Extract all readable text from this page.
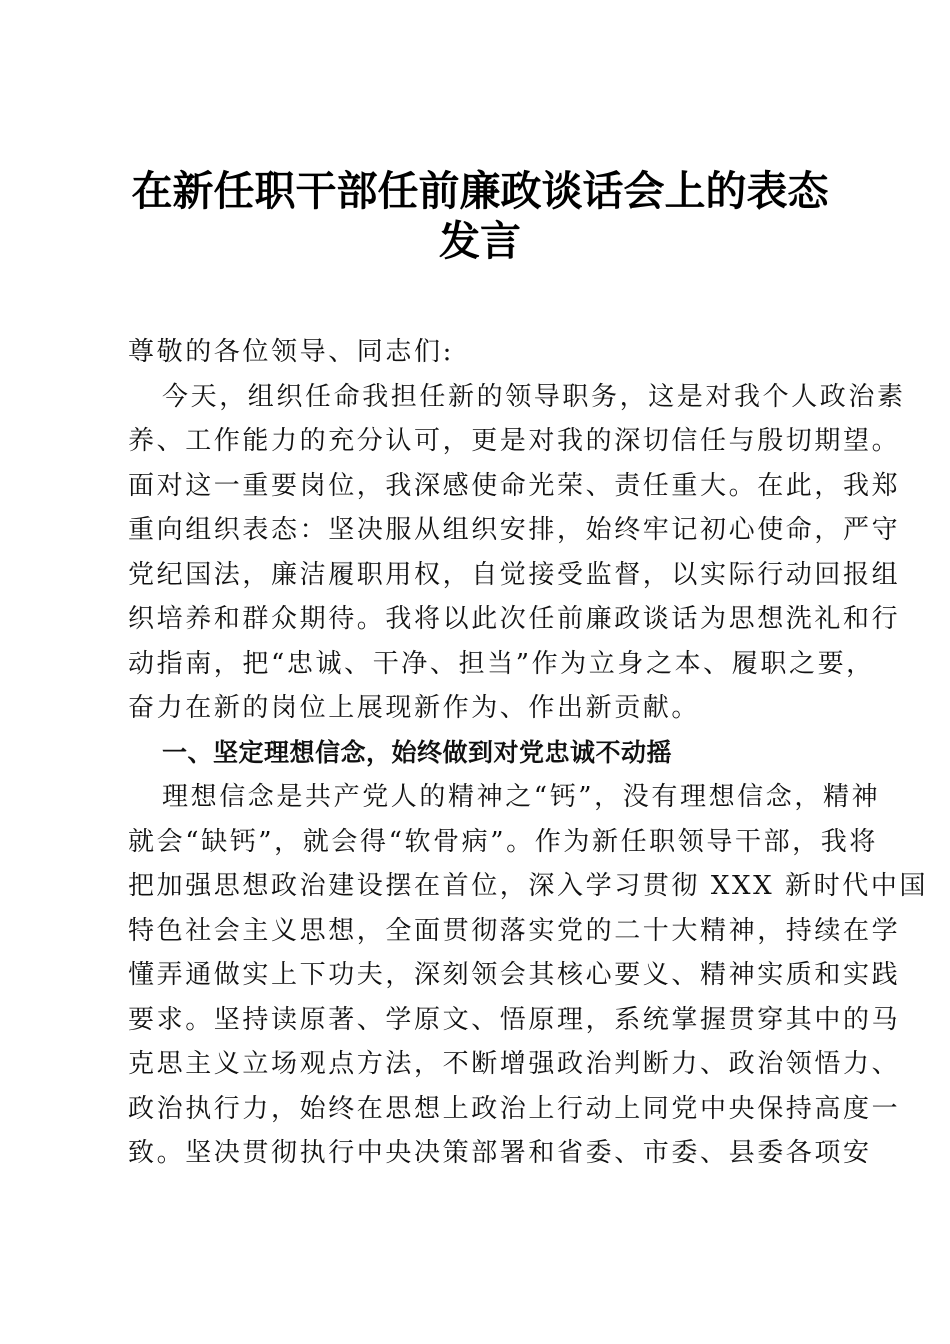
在新任职干部任前廉政谈话会上的表态
发言
尊敬的各位领导、同志们:
今天，组织任命我担任新的领导职务，这是对我个人政治素
养、工作能力的充分认可，更是对我的深切信任与殷切期望。
面对这一重要岗位，我深感使命光荣、责任重大。在此，我郑
重向组织表态：坚决服从组织安排，始终牢记初心使命，严守
党纪国法，廉洁履职用权，自觉接受监督，以实际行动回报组
织培养和群众期待。我将以此次任前廉政谈话为思想洗礼和行
动指南，把“忠诚、干净、担当”作为立身之本、履职之要，
奋力在新的岗位上展现新作为、作出新贡献。
一、坚定理想信念，始终做到对党忠诚不动摇
理想信念是共产党人的精神之“钙”，没有理想信念，精神
就会“缺钙”，就会得“软骨病”。作为新任职领导干部，我将
把加强思想政治建设摆在首位，深入学习贯彻 XXX 新时代中国
特色社会主义思想，全面贯彻落实党的二十大精神，持续在学
懂弄通做实上下功夫，深刻领会其核心要义、精神实质和实践
要求。坚持读原著、学原文、悟原理，系统掌握贯穿其中的马
克思主义立场观点方法，不断增强政治判断力、政治领悟力、
政治执行力，始终在思想上政治上行动上同党中央保持高度一
致。坚决贯彻执行中央决策部署和省委、市委、县委各项安
